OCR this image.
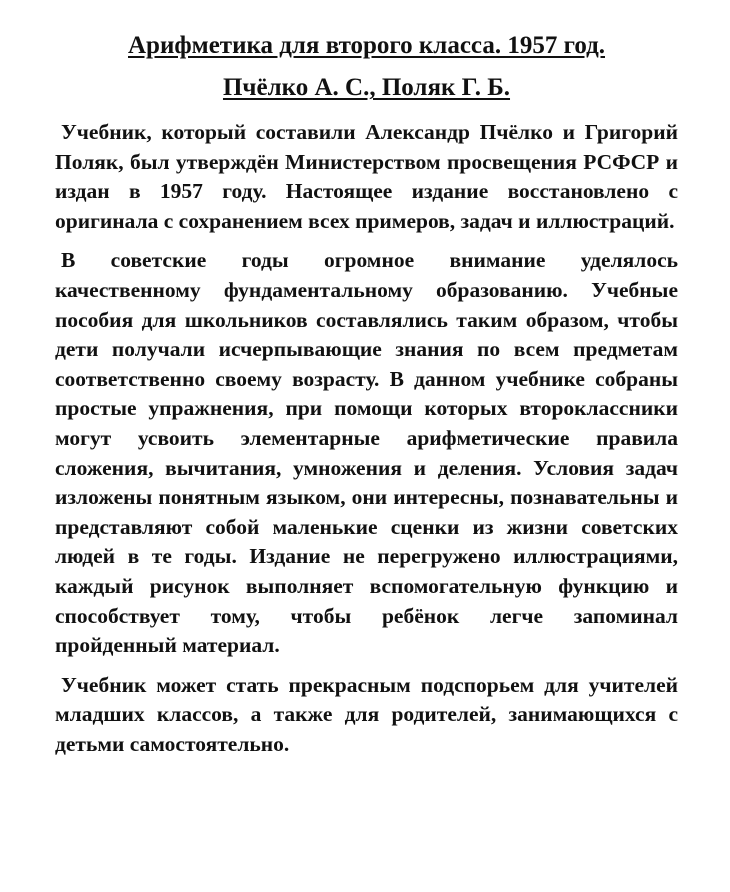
Арифметика для второго класса. 1957 год.
Пчёлко А. С., Поляк Г. Б.

Учебник, который составили Александр Пчёлко и Григорий Поляк, был утверждён Министерством просвещения РСФСР и издан в 1957 году. Настоящее издание восстановлено с оригинала с сохранением всех примеров, задач и иллюстраций.

В советские годы огромное внимание уделялось качественному фундаментальному образованию. Учебные пособия для школьников составлялись таким образом, чтобы дети получали исчерпывающие знания по всем предметам соответственно своему возрасту. В данном учебнике собраны простые упражнения, при помощи которых второклассники могут усвоить элементарные арифметические правила сложения, вычитания, умножения и деления. Условия задач изложены понятным языком, они интересны, познавательны и представляют собой маленькие сценки из жизни советских людей в те годы. Издание не перегружено иллюстрациями, каждый рисунок выполняет вспомогательную функцию и способствует тому, чтобы ребёнок легче запоминал пройденный материал.

Учебник может стать прекрасным подспорьем для учителей младших классов, а также для родителей, занимающихся с детьми самостоятельно.
